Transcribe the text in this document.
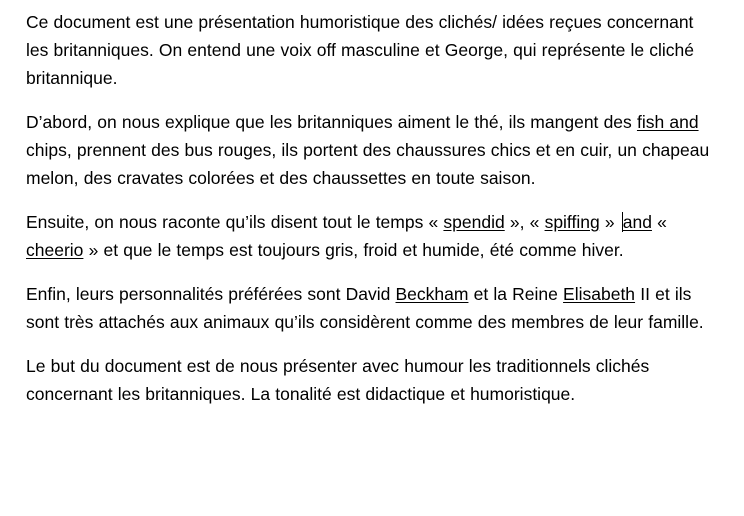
Ce document est une présentation humoristique des clichés/ idées reçues concernant les britanniques. On entend une voix off masculine et George, qui représente le cliché britannique.

D’abord, on nous explique que les britanniques aiment le thé, ils mangent des fish and chips, prennent des bus rouges, ils portent des chaussures chics et en cuir, un chapeau melon, des cravates colorées et des chaussettes en toute saison.

Ensuite, on nous raconte qu’ils disent tout le temps « spendid », « spiffing » and « cheerio » et que le temps est toujours gris, froid et humide, été comme hiver.

Enfin, leurs personnalités préférées sont David Beckham et la Reine Elisabeth II et ils sont très attachés aux animaux qu’ils considèrent comme des membres de leur famille.

Le but du document est de nous présenter avec humour les traditionnels clichés concernant les britanniques. La tonalité est didactique et humoristique.
